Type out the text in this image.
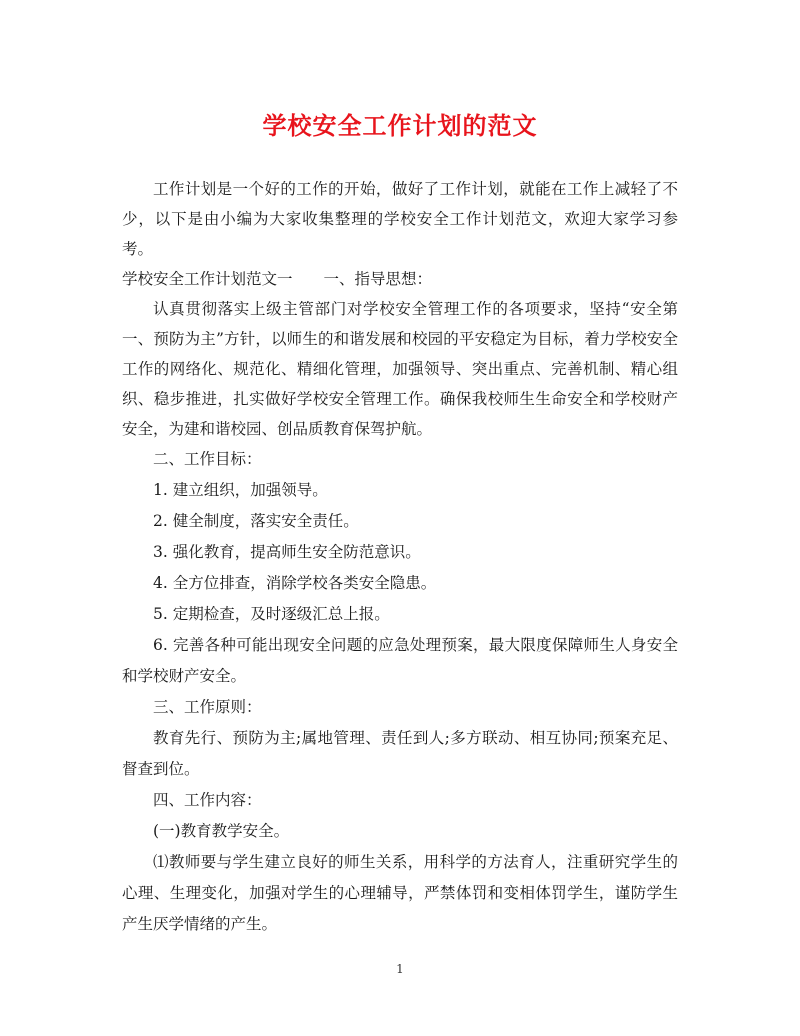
学校安全工作计划的范文

工作计划是一个好的工作的开始，做好了工作计划，就能在工作上减轻了不少，以下是由小编为大家收集整理的学校安全工作计划范文，欢迎大家学习参考。

学校安全工作计划范文一　　一、指导思想：

认真贯彻落实上级主管部门对学校安全管理工作的各项要求，坚持“安全第一、预防为主”方针，以师生的和谐发展和校园的平安稳定为目标，着力学校安全工作的网络化、规范化、精细化管理，加强领导、突出重点、完善机制、精心组织、稳步推进，扎实做好学校安全管理工作。确保我校师生生命安全和学校财产安全，为建和谐校园、创品质教育保驾护航。

二、工作目标：

1. 建立组织，加强领导。

2. 健全制度，落实安全责任。

3. 强化教育，提高师生安全防范意识。

4. 全方位排查，消除学校各类安全隐患。

5. 定期检查，及时逐级汇总上报。

6. 完善各种可能出现安全问题的应急处理预案，最大限度保障师生人身安全和学校财产安全。

三、工作原则：

教育先行、预防为主;属地管理、责任到人;多方联动、相互协同;预案充足、督查到位。

四、工作内容：

(一)教育教学安全。

⑴教师要与学生建立良好的师生关系，用科学的方法育人，注重研究学生的心理、生理变化，加强对学生的心理辅导，严禁体罚和变相体罚学生，谨防学生产生厌学情绪的产生。

1
